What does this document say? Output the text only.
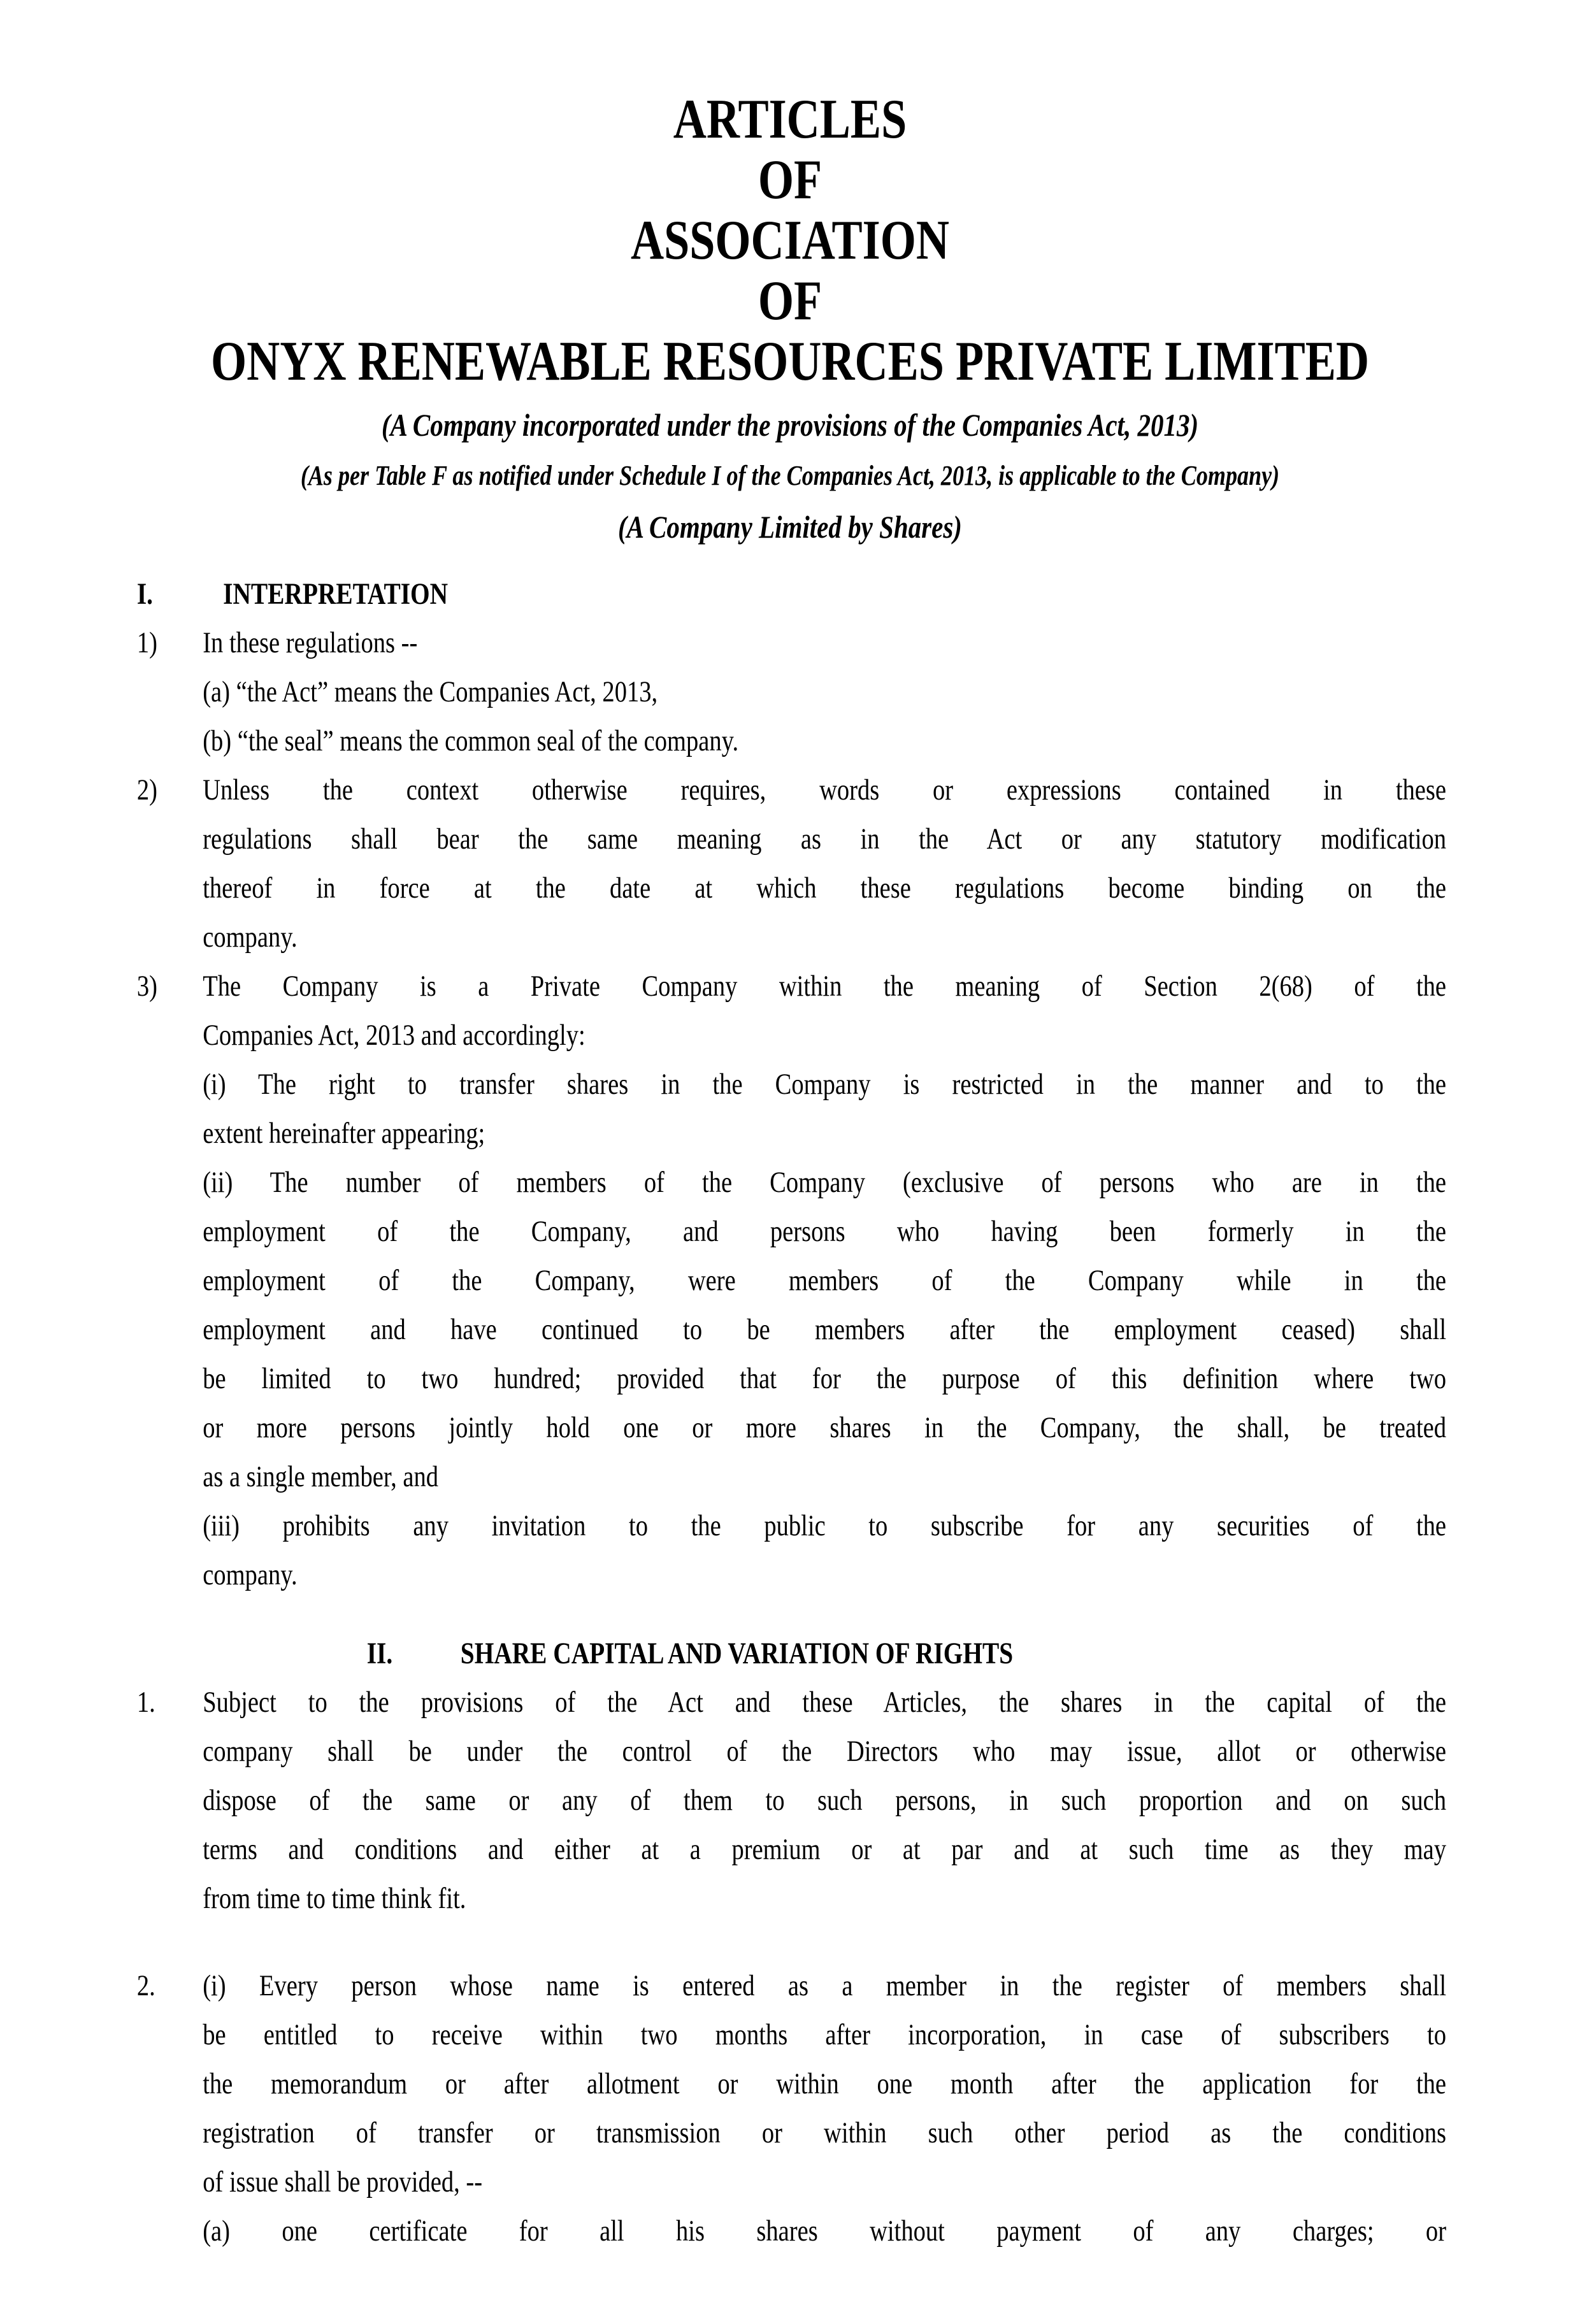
ARTICLES
OF
ASSOCIATION
OF
ONYX RENEWABLE RESOURCES PRIVATE LIMITED
(A Company incorporated under the provisions of the Companies Act, 2013)
(As per Table F as notified under Schedule I of the Companies Act, 2013, is applicable to the Company)
(A Company Limited by Shares)
I. INTERPRETATION
1) In these regulations --
(a) “the Act” means the Companies Act, 2013,
(b) “the seal” means the common seal of the company.
2) Unless the context otherwise requires, words or expressions contained in these
regulations shall bear the same meaning as in the Act or any statutory modification
thereof in force at the date at which these regulations become binding on the
company.
3) The Company is a Private Company within the meaning of Section 2(68) of the
Companies Act, 2013 and accordingly:
(i) The right to transfer shares in the Company is restricted in the manner and to the
extent hereinafter appearing;
(ii) The number of members of the Company (exclusive of persons who are in the
employment of the Company, and persons who having been formerly in the
employment of the Company, were members of the Company while in the
employment and have continued to be members after the employment ceased) shall
be limited to two hundred; provided that for the purpose of this definition where two
or more persons jointly hold one or more shares in the Company, the shall, be treated
as a single member, and
(iii) prohibits any invitation to the public to subscribe for any securities of the
company.
II. SHARE CAPITAL AND VARIATION OF RIGHTS
1. Subject to the provisions of the Act and these Articles, the shares in the capital of the
company shall be under the control of the Directors who may issue, allot or otherwise
dispose of the same or any of them to such persons, in such proportion and on such
terms and conditions and either at a premium or at par and at such time as they may
from time to time think fit.
2. (i) Every person whose name is entered as a member in the register of members shall
be entitled to receive within two months after incorporation, in case of subscribers to
the memorandum or after allotment or within one month after the application for the
registration of transfer or transmission or within such other period as the conditions
of issue shall be provided, --
(a) one certificate for all his shares without payment of any charges; or
